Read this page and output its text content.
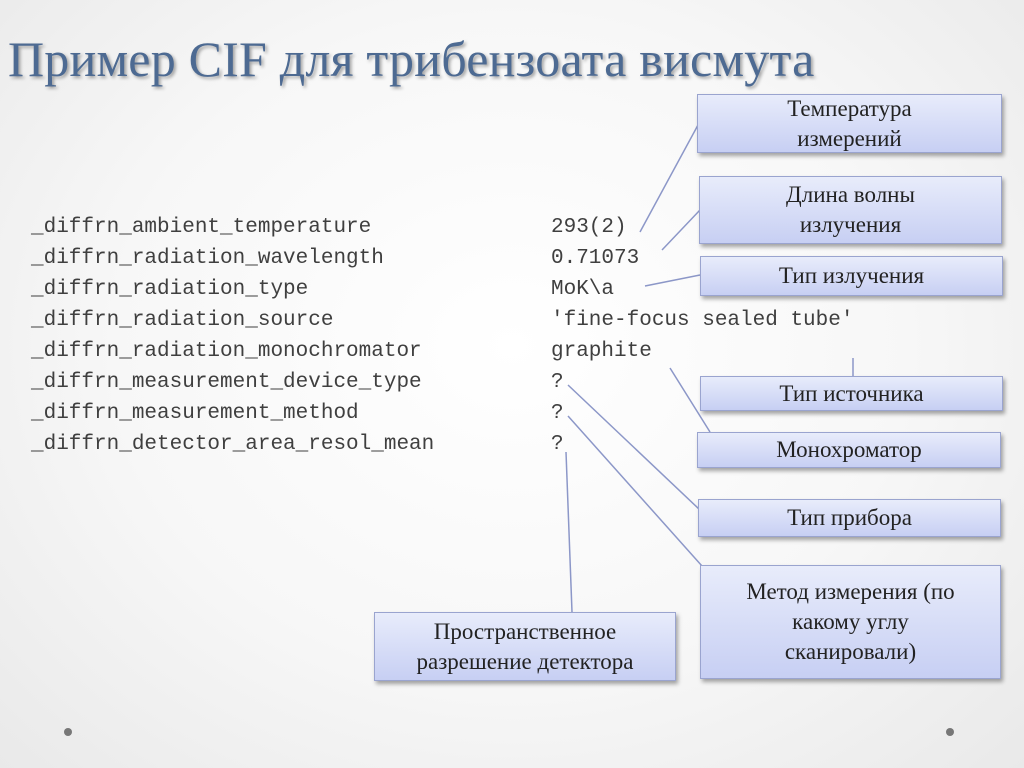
Пример CIF для трибензоата висмута

_diffrn_ambient_temperature

	293(2)

_diffrn_radiation_wavelength

	0.71073

_diffrn_radiation_type

	MoK\a

_diffrn_radiation_source

	'fine-focus sealed tube'

_diffrn_radiation_monochromator

	graphite

_diffrn_measurement_device_type

	?

_diffrn_measurement_method

	?

_diffrn_detector_area_resol_mean

	?

Температура
измерений
Длина волны
излучения
Тип излучения
Тип источника
Монохроматор
Тип прибора
Метод измерения (по
какому углу
сканировали)
Пространственное
разрешение детектора
